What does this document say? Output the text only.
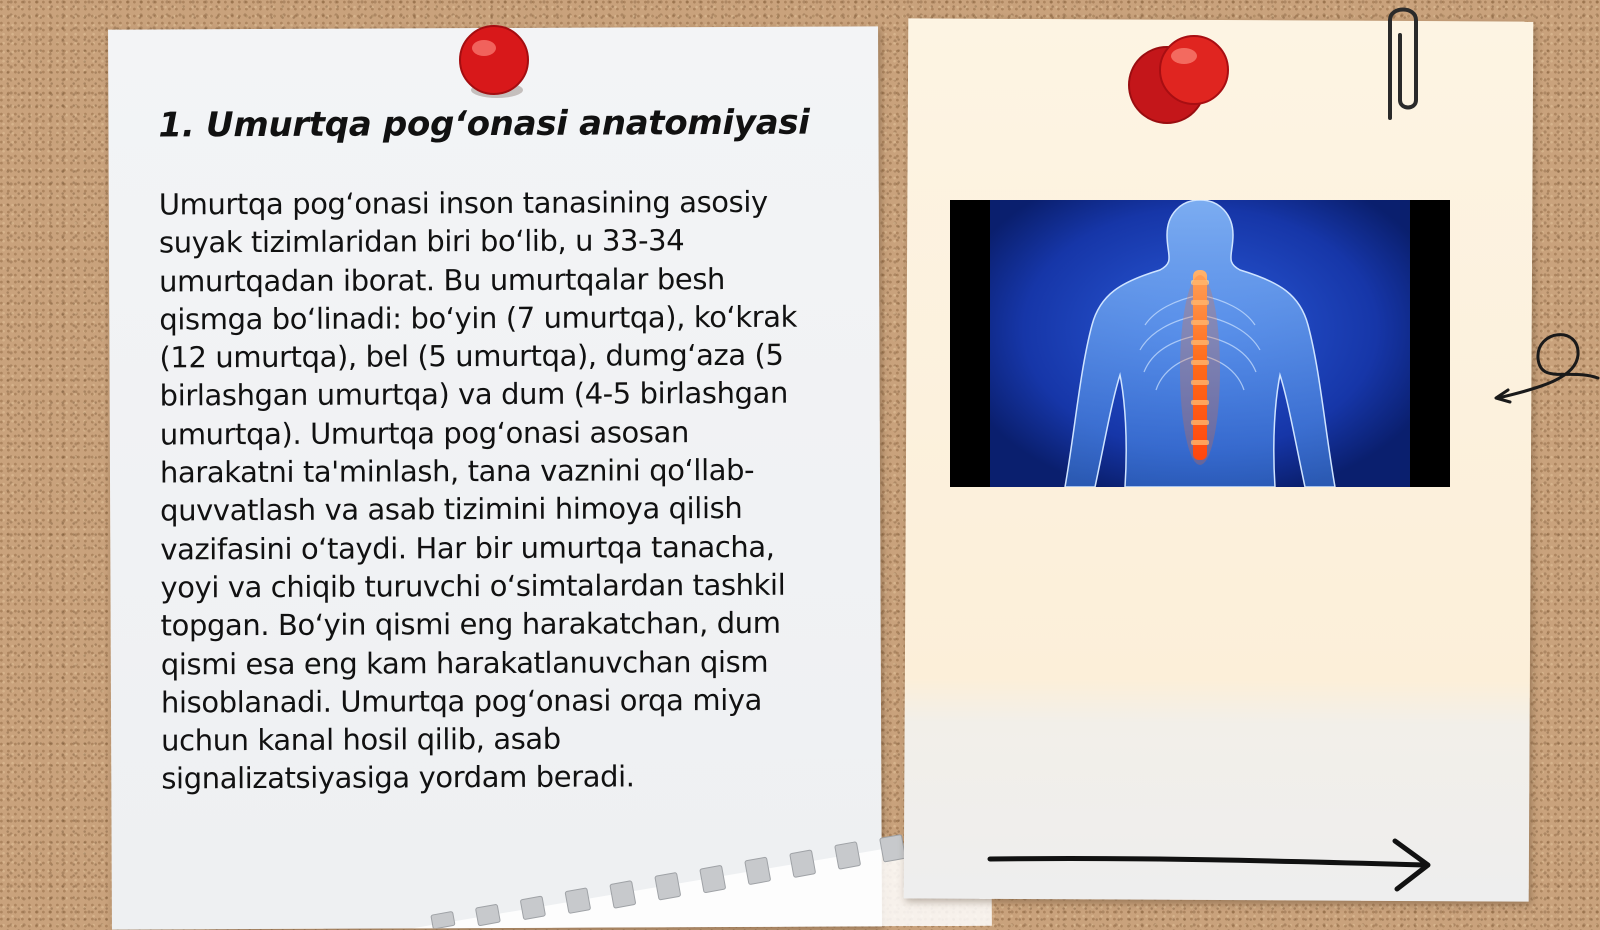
1. Umurtqa pog‘onasi anatomiyasi

Umurtqa pog‘onasi inson tanasining asosiy
suyak tizimlaridan biri bo‘lib, u 33-34
umurtqadan iborat. Bu umurtqalar besh
qismga bo‘linadi: bo‘yin (7 umurtqa), ko‘krak
(12 umurtqa), bel (5 umurtqa), dumg‘aza (5
birlashgan umurtqa) va dum (4-5 birlashgan
umurtqa). Umurtqa pog‘onasi asosan
harakatni ta'minlash, tana vaznini qo‘llab-
quvvatlash va asab tizimini himoya qilish
vazifasini o‘taydi. Har bir umurtqa tanacha,
yoyi va chiqib turuvchi o‘simtalardan tashkil
topgan. Bo‘yin qismi eng harakatchan, dum
qismi esa eng kam harakatlanuvchan qism
hisoblanadi. Umurtqa pog‘onasi orqa miya
uchun kanal hosil qilib, asab
signalizatsiyasiga yordam beradi.
